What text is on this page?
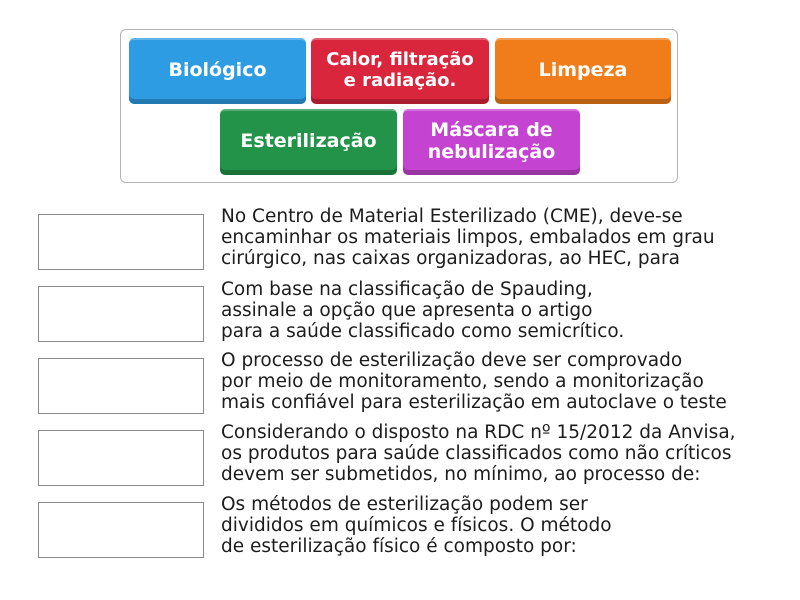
Biológico	Calor, filtração
e radiação.	Limpeza
Esterilização	Máscara de
nebulização

No Centro de Material Esterilizado (CME), deve-se
encaminhar os materiais limpos, embalados em grau
cirúrgico, nas caixas organizadoras, ao HEC, para

Com base na classificação de Spauding,
assinale a opção que apresenta o artigo
para a saúde classificado como semicrítico.

O processo de esterilização deve ser comprovado
por meio de monitoramento, sendo a monitorização
mais confiável para esterilização em autoclave o teste

Considerando o disposto na RDC nº 15/2012 da Anvisa,
os produtos para saúde classificados como não críticos
devem ser submetidos, no mínimo, ao processo de:

Os métodos de esterilização podem ser
divididos em químicos e físicos. O método
de esterilização físico é composto por:
